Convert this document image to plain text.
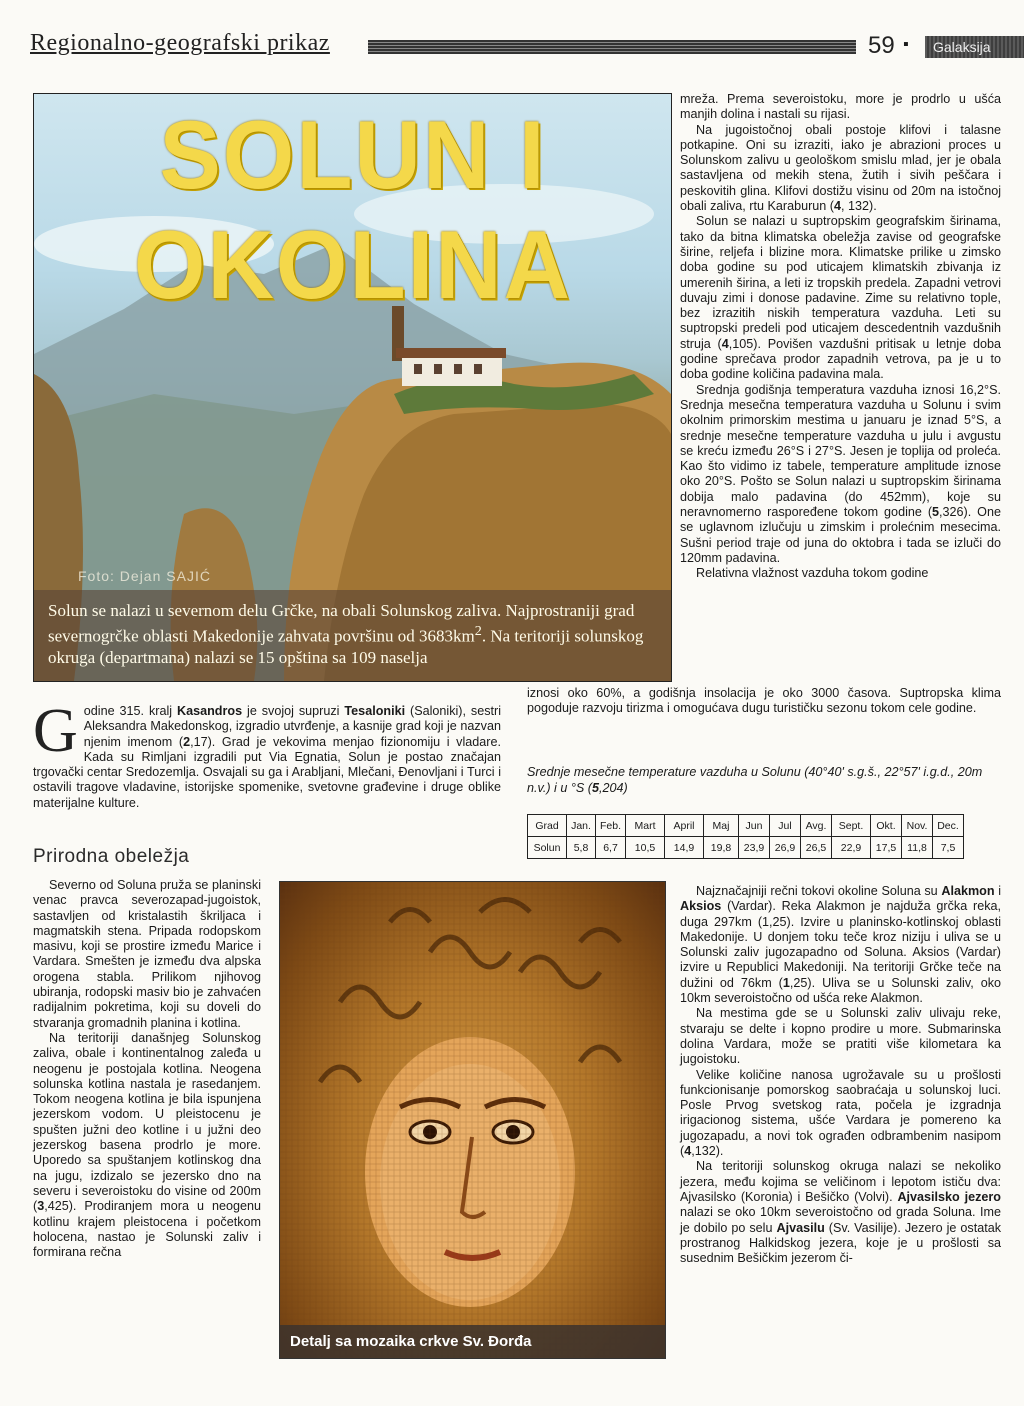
Regionalno-geografski prikaz	59 ▪	Galaksija
SOLUN I OKOLINA
Solun se nalazi u severnom delu Grčke, na obali Solunskog zaliva. Najprostraniji grad severnogrčke oblasti Makedonije zahvata površinu od $3683km^2$. Na teritoriji solunskog okruga (departmana) nalazi se 15 opština sa 109 naselja
Foto: Dejan SAJIĆ

mreža. Prema severoistoku, more je prodrlo u ušća manjih dolina i nastali su rijasi.

Na jugoistočnoj obali postoje klifovi i talasne potkapine. Oni su izraziti, iako je abrazioni proces u Solunskom zalivu u geološkom smislu mlad, jer je obala sastavljena od mekih stena, žutih i sivih peščara i peskovitih glina. Klifovi dostižu visinu od 20m na istočnoj obali zaliva, rtu Karaburun (4, 132).

Solun se nalazi u suptropskim geografskim širinama, tako da bitna klimatska obeležja zavise od geografske širine, reljefa i blizine mora. Klimatske prilike u zimsko doba godine su pod uticajem klimatskih zbivanja iz umerenih širina, a leti iz tropskih predela. Zapadni vetrovi duvaju zimi i donose padavine. Zime su relativno tople, bez izrazitih niskih temperatura vazduha. Leti su suptropski predeli pod uticajem descedentnih vazdušnih struja (4,105). Povišen vazdušni pritisak u letnje doba godine sprečava prodor zapadnih vetrova, pa je u to doba godine količina padavina mala.

Srednja godišnja temperatura vazduha iznosi 16,2°S. Srednja mesečna temperatura vazduha u Solunu i svim okolnim primorskim mestima u januaru je iznad 5°S, a srednje mesečne temperature vazduha u julu i avgustu se kreću između 26°S i 27°S. Jesen je toplija od proleća. Kao što vidimo iz tabele, temperature amplitude iznose oko 20°S. Pošto se Solun nalazi u suptropskim širinama dobija malo padavina (do 452mm), koje su neravnomerno raspoređene tokom godine (5,326). One se uglavnom izlučuju u zimskim i prolećnim mesecima. Sušni period traje od juna do oktobra i tada se izluči do 120mm padavina.

Relativna vlažnost vazduha tokom godine

iznosi oko 60%, a godišnja insolacija je oko 3000 časova. Suptropska klima pogoduje razvoju tirizma i omogućava dugu turističku sezonu tokom cele godine.

Srednje mesečne temperature vazduha u Solunu (40°40' s.g.š., 22°57' i.g.d., 20m n.v.) i u °S (5,204)
Grad	Jan.	Feb.	Mart	April	Maj	Jun	Jul	Avg.	Sept.	Okt.	Nov.	Dec.
Solun	5,8	6,7	10,5	14,9	19,8	23,9	26,9	26,5	22,9	17,5	11,8	7,5
G odine 315. kralj Kasandros je svojoj supruzi Tesaloniki (Saloniki), sestri Aleksandra Makedonskog, izgradio utvrđenje, a kasnije grad koji je nazvan njenim imenom (2,17). Grad je vekovima menjao fizionomiju i vladare. Kada su Rimljani izgradili put Via Egnatia, Solun je postao značajan trgovački centar Sredozemlja. Osvajali su ga i Arabljani, Mlečani, Đenovljani i Turci i ostavili tragove vladavine, istorijske spomenike, svetovne građevine i druge oblike materijalne kulture.

Prirodna obeležja

Severno od Soluna pruža se planinski venac pravca severozapad-jugoistok, sastavljen od kristalastih škriljaca i magmatskih stena. Pripada rodopskom masivu, koji se prostire između Marice i Vardara. Smešten je između dva alpska orogena stabla. Prilikom njihovog ubiranja, rodopski masiv bio je zahvaćen radijalnim pokretima, koji su doveli do stvaranja gromadnih planina i kotlina.

Na teritoriji današnjeg Solunskog zaliva, obale i kontinentalnog zaleđa u neogenu je postojala kotlina. Neogena solunska kotlina nastala je rasedanjem. Tokom neogena kotlina je bila ispunjena jezerskom vodom. U pleistocenu je spušten južni deo kotline i u južni deo jezerskog basena prodrlo je more. Uporedo sa spuštanjem kotlinskog dna na jugu, izdizalo se jezersko dno na severu i severoistoku do visine od 200m (3,425). Prodiranjem mora u neogenu kotlinu krajem pleistocena i početkom holocena, nastao je Solunski zaliv i formirana rečna

Detalj sa mozaika crkve Sv. Đorđa

Najznačajniji rečni tokovi okoline Soluna su Alakmon i Aksios (Vardar). Reka Alakmon je najduža grčka reka, duga 297km (1,25). Izvire u planinsko-kotlinskoj oblasti Makedonije. U donjem toku teče kroz niziju i uliva se u Solunski zaliv jugozapadno od Soluna. Aksios (Vardar) izvire u Republici Makedoniji. Na teritoriji Grčke teče na dužini od 76km (1,25). Uliva se u Solunski zaliv, oko 10km severoistočno od ušća reke Alakmon.

Na mestima gde se u Solunski zaliv ulivaju reke, stvaraju se delte i kopno prodire u more. Submarinska dolina Vardara, može se pratiti više kilometara ka jugoistoku.

Velike količine nanosa ugrožavale su u prošlosti funkcionisanje pomorskog saobraćaja u solunskoj luci. Posle Prvog svetskog rata, počela je izgradnja irigacionog sistema, ušće Vardara je pomereno ka jugozapadu, a novi tok ograđen odbrambenim nasipom (4,132).

Na teritoriji solunskog okruga nalazi se nekoliko jezera, među kojima se veličinom i lepotom ističu dva: Ajvasilsko (Koronia) i Bešičko (Volvi). Ajvasilsko jezero nalazi se oko 10km severoistočno od grada Soluna. Ime je dobilo po selu Ajvasilu (Sv. Vasilije). Jezero je ostatak prostranog Halkidskog jezera, koje je u prošlosti sa susednim Bešičkim jezerom či-
